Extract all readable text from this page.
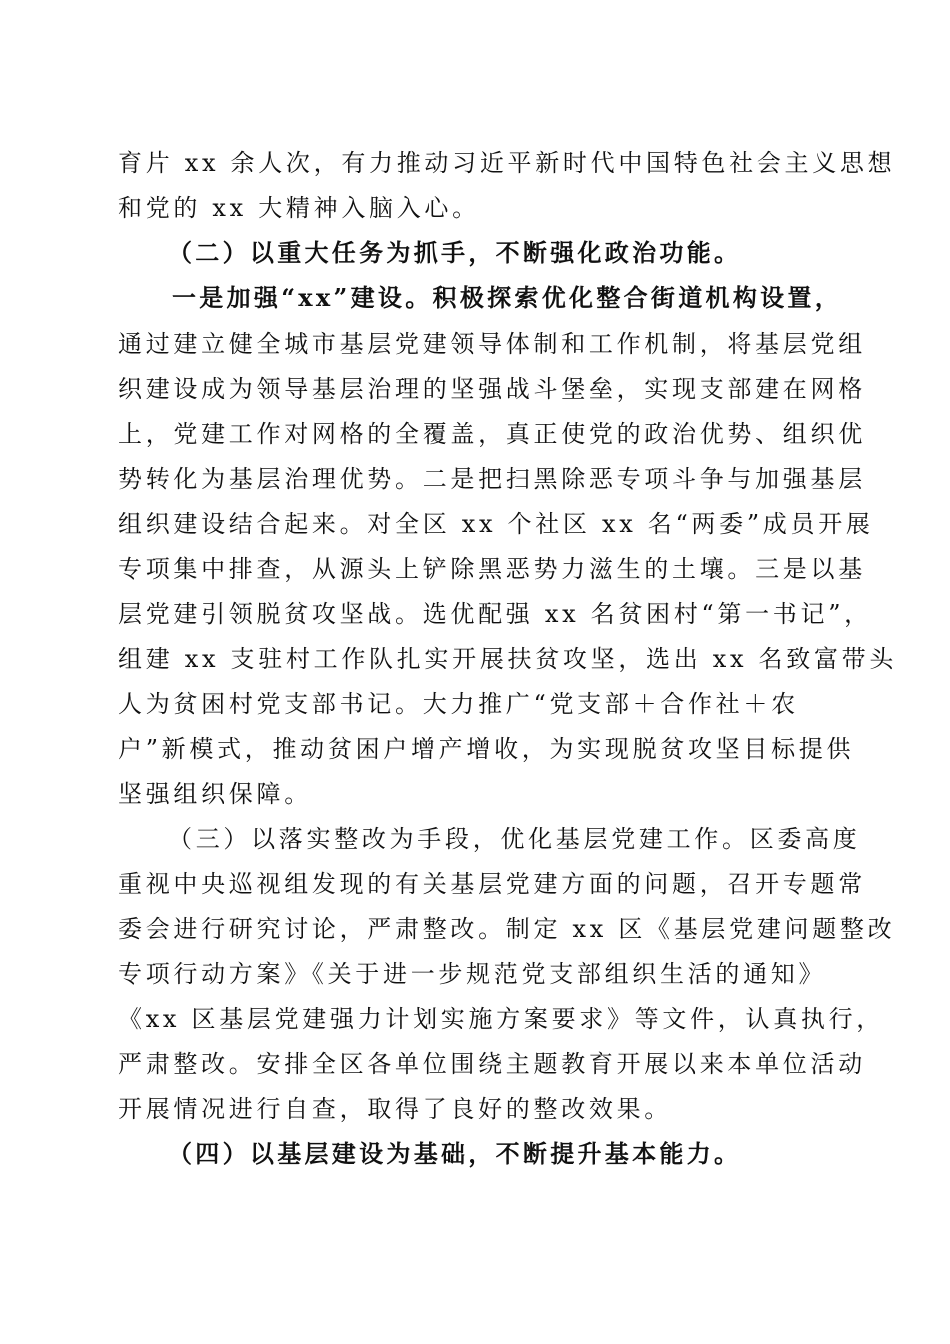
育片 xx 余人次，有力推动习近平新时代中国特色社会主义思想
和党的 xx 大精神入脑入心。
（二）以重大任务为抓手，不断强化政治功能。
一是加强“xx”建设。积极探索优化整合街道机构设置，
通过建立健全城市基层党建领导体制和工作机制，将基层党组
织建设成为领导基层治理的坚强战斗堡垒，实现支部建在网格
上，党建工作对网格的全覆盖，真正使党的政治优势、组织优
势转化为基层治理优势。二是把扫黑除恶专项斗争与加强基层
组织建设结合起来。对全区 xx 个社区 xx 名“两委”成员开展
专项集中排查，从源头上铲除黑恶势力滋生的土壤。三是以基
层党建引领脱贫攻坚战。选优配强 xx 名贫困村“第一书记”，
组建 xx 支驻村工作队扎实开展扶贫攻坚，选出 xx 名致富带头
人为贫困村党支部书记。大力推广“党支部＋合作社＋农
户”新模式，推动贫困户增产增收，为实现脱贫攻坚目标提供
坚强组织保障。
（三）以落实整改为手段，优化基层党建工作。区委高度
重视中央巡视组发现的有关基层党建方面的问题，召开专题常
委会进行研究讨论，严肃整改。制定 xx 区《基层党建问题整改
专项行动方案》《关于进一步规范党支部组织生活的通知》
《xx 区基层党建强力计划实施方案要求》等文件，认真执行，
严肃整改。安排全区各单位围绕主题教育开展以来本单位活动
开展情况进行自查，取得了良好的整改效果。
（四）以基层建设为基础，不断提升基本能力。
